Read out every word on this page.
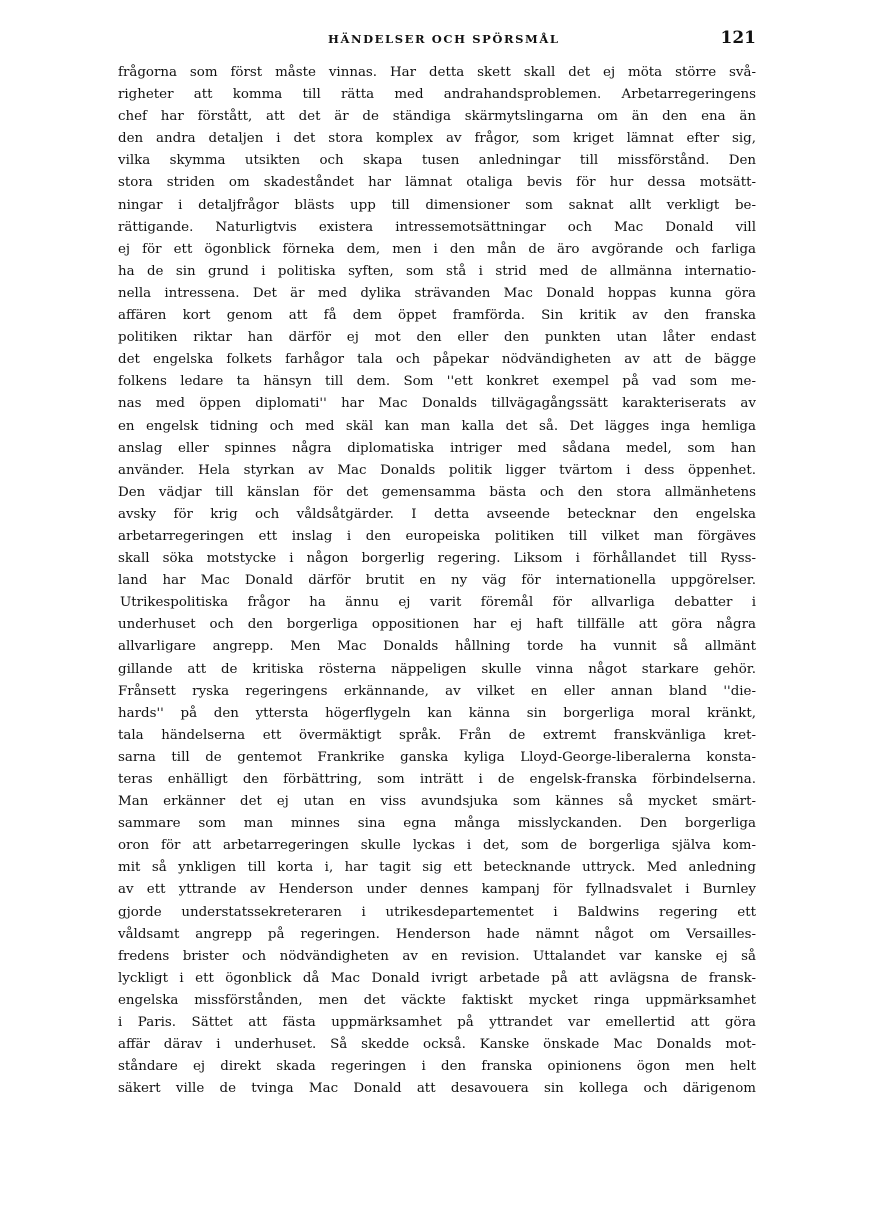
HÄNDELSER OCH SPÖRSMÅL	121
frågorna som först måste vinnas. Har detta skett skall det ej möta större svå-
righeter att komma till rätta med andrahandsproblemen. Arbetarregeringens
chef har förstått, att det är de ständiga skärmytslingarna om än den ena än
den andra detaljen i det stora komplex av frågor, som kriget lämnat efter sig,
vilka skymma utsikten och skapa tusen anledningar till missförstånd. Den
stora striden om skadeståndet har lämnat otaliga bevis för hur dessa motsätt-
ningar i detaljfrågor blästs upp till dimensioner som saknat allt verkligt be-
rättigande. Naturligtvis existera intressemotsättningar och Mac Donald vill
ej för ett ögonblick förneka dem, men i den mån de äro avgörande och farliga
ha de sin grund i politiska syften, som stå i strid med de allmänna internatio-
nella intressena. Det är med dylika strävanden Mac Donald hoppas kunna göra
affären kort genom att få dem öppet framförda. Sin kritik av den franska
politiken riktar han därför ej mot den eller den punkten utan låter endast
det engelska folkets farhågor tala och påpekar nödvändigheten av att de bägge
folkens ledare ta hänsyn till dem. Som ''ett konkret exempel på vad som me-
nas med öppen diplomati'' har Mac Donalds tillvägagångssätt karakteriserats av
en engelsk tidning och med skäl kan man kalla det så. Det lägges inga hemliga
anslag eller spinnes några diplomatiska intriger med sådana medel, som han
använder. Hela styrkan av Mac Donalds politik ligger tvärtom i dess öppenhet.
Den vädjar till känslan för det gemensamma bästa och den stora allmänhetens
avsky för krig och våldsåtgärder. I detta avseende betecknar den engelska
arbetarregeringen ett inslag i den europeiska politiken till vilket man förgäves
skall söka motstycke i någon borgerlig regering. Liksom i förhållandet till Ryss-
land har Mac Donald därför brutit en ny väg för internationella uppgörelser.
Utrikespolitiska frågor ha ännu ej varit föremål för allvarliga debatter i
underhuset och den borgerliga oppositionen har ej haft tillfälle att göra några
allvarligare angrepp. Men Mac Donalds hållning torde ha vunnit så allmänt
gillande att de kritiska rösterna näppeligen skulle vinna något starkare gehör.
Frånsett ryska regeringens erkännande, av vilket en eller annan bland ''die-
hards'' på den yttersta högerflygeln kan känna sin borgerliga moral kränkt,
tala händelserna ett övermäktigt språk. Från de extremt franskvänliga kret-
sarna till de gentemot Frankrike ganska kyliga Lloyd-George-liberalerna konsta-
teras enhälligt den förbättring, som inträtt i de engelsk-franska förbindelserna.
Man erkänner det ej utan en viss avundsjuka som kännes så mycket smärt-
sammare som man minnes sina egna många misslyckanden. Den borgerliga
oron för att arbetarregeringen skulle lyckas i det, som de borgerliga själva kom-
mit så ynkligen till korta i, har tagit sig ett betecknande uttryck. Med anledning
av ett yttrande av Henderson under dennes kampanj för fyllnadsvalet i Burnley
gjorde understatssekreteraren i utrikesdepartementet i Baldwins regering ett
våldsamt angrepp på regeringen. Henderson hade nämnt något om Versailles-
fredens brister och nödvändigheten av en revision. Uttalandet var kanske ej så
lyckligt i ett ögonblick då Mac Donald ivrigt arbetade på att avlägsna de fransk-
engelska missförstånden, men det väckte faktiskt mycket ringa uppmärksamhet
i Paris. Sättet att fästa uppmärksamhet på yttrandet var emellertid att göra
affär därav i underhuset. Så skedde också. Kanske önskade Mac Donalds mot-
ståndare ej direkt skada regeringen i den franska opinionens ögon men helt
säkert ville de tvinga Mac Donald att desavouera sin kollega och därigenom
